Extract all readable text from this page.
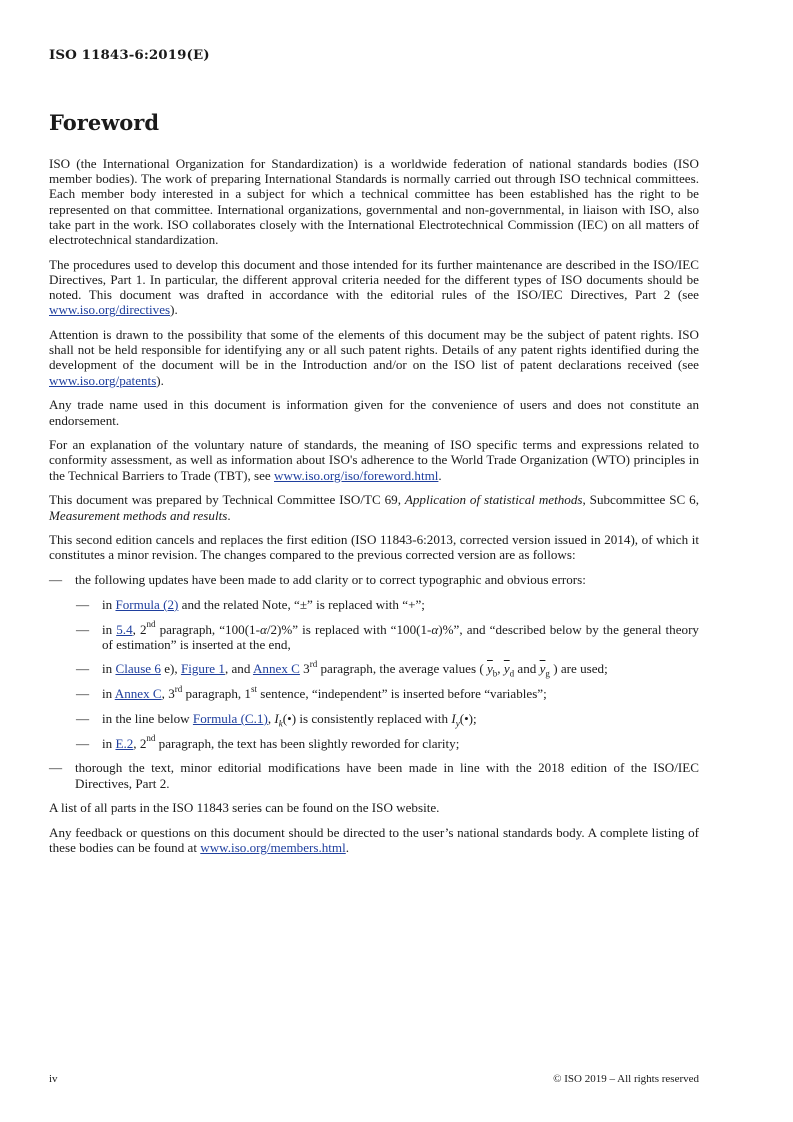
ISO 11843-6:2019(E)
Foreword

ISO (the International Organization for Standardization) is a worldwide federation of national standards bodies (ISO member bodies). The work of preparing International Standards is normally carried out through ISO technical committees. Each member body interested in a subject for which a technical committee has been established has the right to be represented on that committee. International organizations, governmental and non-governmental, in liaison with ISO, also take part in the work. ISO collaborates closely with the International Electrotechnical Commission (IEC) on all matters of electrotechnical standardization.

The procedures used to develop this document and those intended for its further maintenance are described in the ISO/IEC Directives, Part 1. In particular, the different approval criteria needed for the different types of ISO documents should be noted. This document was drafted in accordance with the editorial rules of the ISO/IEC Directives, Part 2 (see www.iso.org/directives).

Attention is drawn to the possibility that some of the elements of this document may be the subject of patent rights. ISO shall not be held responsible for identifying any or all such patent rights. Details of any patent rights identified during the development of the document will be in the Introduction and/or on the ISO list of patent declarations received (see www.iso.org/patents).

Any trade name used in this document is information given for the convenience of users and does not constitute an endorsement.

For an explanation of the voluntary nature of standards, the meaning of ISO specific terms and expressions related to conformity assessment, as well as information about ISO's adherence to the World Trade Organization (WTO) principles in the Technical Barriers to Trade (TBT), see www.iso.org/iso/foreword.html.

This document was prepared by Technical Committee ISO/TC 69, Application of statistical methods, Subcommittee SC 6, Measurement methods and results.

This second edition cancels and replaces the first edition (ISO 11843-6:2013, corrected version issued in 2014), of which it constitutes a minor revision. The changes compared to the previous corrected version are as follows:

— the following updates have been made to add clarity or to correct typographic and obvious errors:
— in Formula (2) and the related Note, “±” is replaced with “+”;
— in 5.4, 2nd paragraph, “100(1-α/2)%” is replaced with “100(1-α)%”, and “described below by the general theory of estimation” is inserted at the end,
— in Clause 6 e), Figure 1, and Annex C 3rd paragraph, the average values ( $\overline{y}_b$, $\overline{y}_d$ and $\overline{y}_g$ ) are used;
— in Annex C, 3rd paragraph, 1st sentence, “independent” is inserted before “variables”;
— in the line below Formula (C.1), $I_k(•)$ is consistently replaced with $I_y(•)$;
— in E.2, 2nd paragraph, the text has been slightly reworded for clarity;
— thorough the text, minor editorial modifications have been made in line with the 2018 edition of the ISO/IEC Directives, Part 2.

A list of all parts in the ISO 11843 series can be found on the ISO website.

Any feedback or questions on this document should be directed to the user’s national standards body. A complete listing of these bodies can be found at www.iso.org/members.html.

iv	© ISO 2019 – All rights reserved
